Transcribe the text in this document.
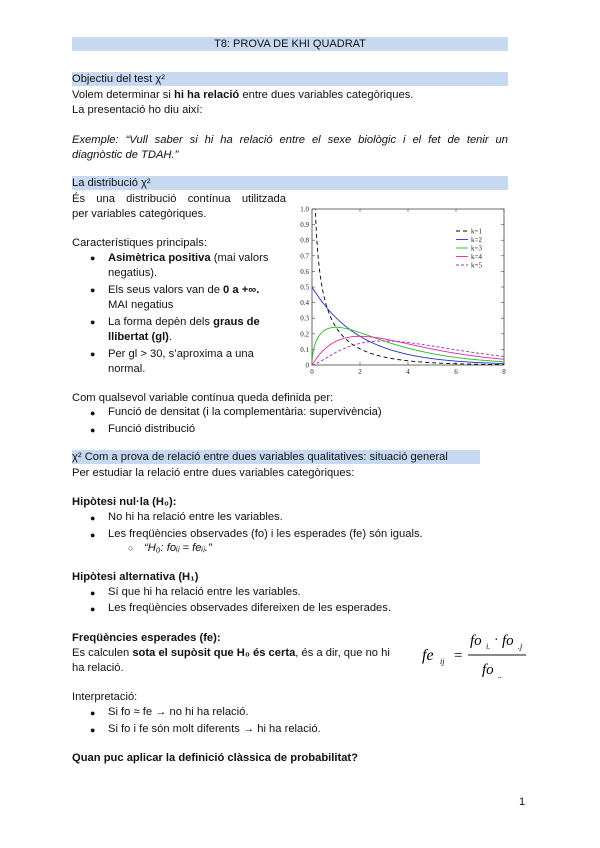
T8: PROVA DE KHI QUADRAT
Objectiu del test χ²
Volem determinar si hi ha relació entre dues variables categòriques.
La presentació ho diu així:
Exemple: “Vull saber si hi ha relació entre el sexe biològic i el fet de tenir un
diagnòstic de TDAH.”
La distribució χ²
És una distribució contínua utilitzada
per variables categòriques.
Característiques principals:
● Asimètrica positiva (mai valors
negatius).
● Els seus valors van de 0 a +∞.
MAI negatius
● La forma depèn dels graus de
llibertat (gl).
● Per gl > 30, s’aproxima a una
normal.	0
0.1
0.2
0.3
0.4
0.5
0.6
0.7
0.8
0.9
1.0
0	2	4	6	8
k=1
k=2
k=3
k=4
k=5
Com qualsevol variable contínua queda definida per:
● Funció de densitat (i la complementària: supervivència)
● Funció distribució
χ² Com a prova de relació entre dues variables qualitatives: situació general
Per estudiar la relació entre dues variables categòriques:
Hipòtesi nul·la (H₀):
● No hi ha relació entre les variables.
● Les freqüències observades (fo) i les esperades (fe) són iguals.
○ “H₀: foᵢⱼ = feᵢⱼ.”
Hipòtesi alternativa (H₁)
● Sí que hi ha relació entre les variables.
● Les freqüències observades difereixen de les esperades.
Freqüències esperades (fe):
Es calculen sota el supòsit que H₀ és certa, és a dir, que no hi
ha relació.
fe ij =
fo i. · fo .j
fo ..
Interpretació:
● Si fo ≈ fe → no hi ha relació.
● Si fo i fe són molt diferents → hi ha relació.
Quan puc aplicar la definició clàssica de probabilitat?
1
